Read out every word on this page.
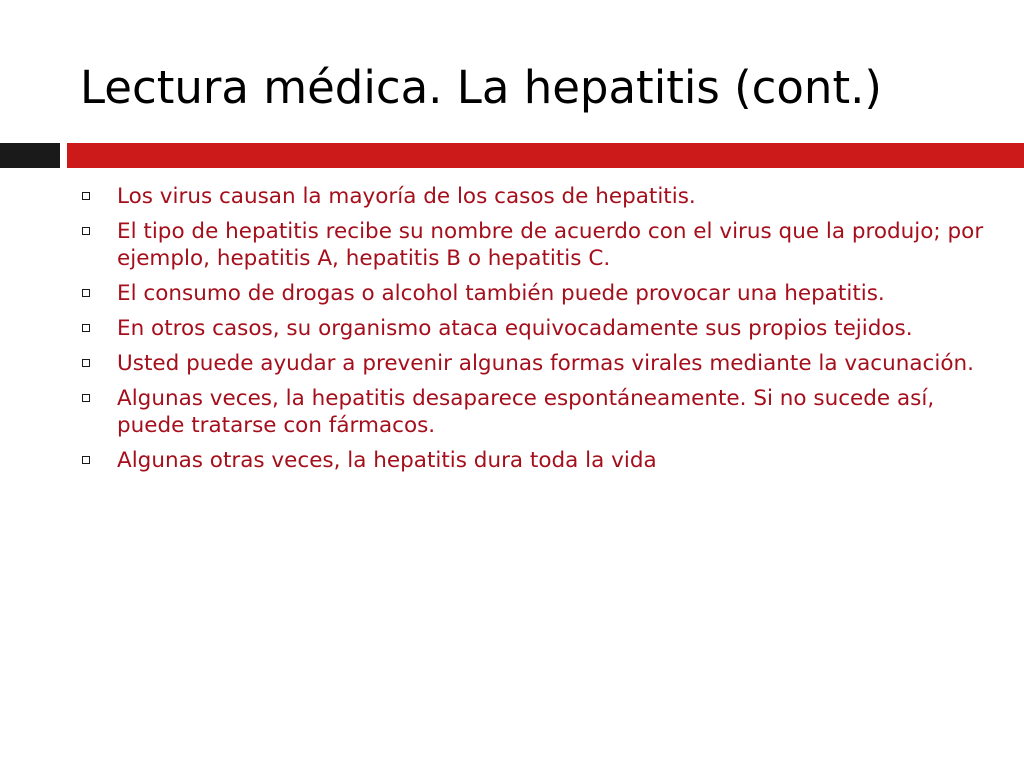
Lectura médica. La hepatitis (cont.)
Los virus causan la mayoría de los casos de hepatitis.
El tipo de hepatitis recibe su nombre de acuerdo con el virus que la produjo; por ejemplo, hepatitis A, hepatitis B o hepatitis C.
El consumo de drogas o alcohol también puede provocar una hepatitis.
En otros casos, su organismo ataca equivocadamente sus propios tejidos.
Usted puede ayudar a prevenir algunas formas virales mediante la vacunación.
Algunas veces, la hepatitis desaparece espontáneamente. Si no sucede así, puede tratarse con fármacos.
Algunas otras veces, la hepatitis dura toda la vida
